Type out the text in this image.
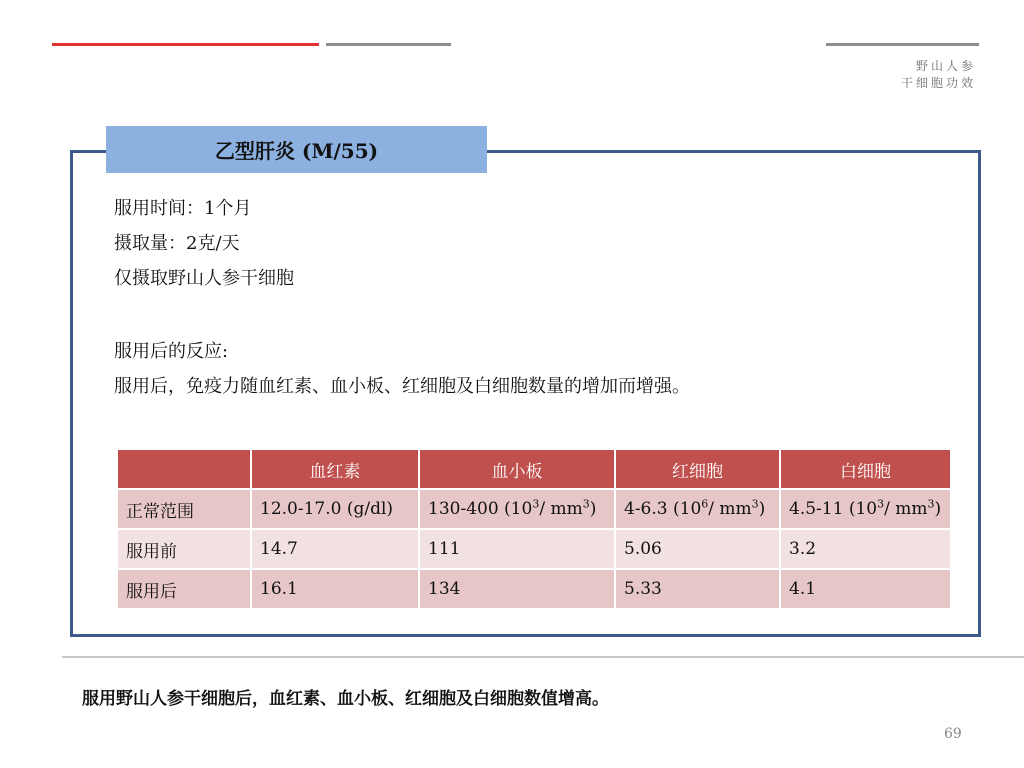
野山人参
干细胞功效
乙型肝炎 (M/55)
服用时间：1个月
摄取量：2克/天
仅摄取野山人参干细胞
服用后的反应:
服用后，免疫力随血红素、血小板、红细胞及白细胞数量的增加而增强。
	血红素	血小板	红细胞	白细胞
正常范围	12.0-17.0 (g/dl)	130-400 ($10^3/$ $mm^3$)	4-6.3 ($10^6/$ $mm^3$)	4.5-11 ($10^3/$ $mm^3$)
服用前	14.7	111	5.06	3.2
服用后	16.1	134	5.33	4.1
服用野山人参干细胞后，血红素、血小板、红细胞及白细胞数值增高。
69
